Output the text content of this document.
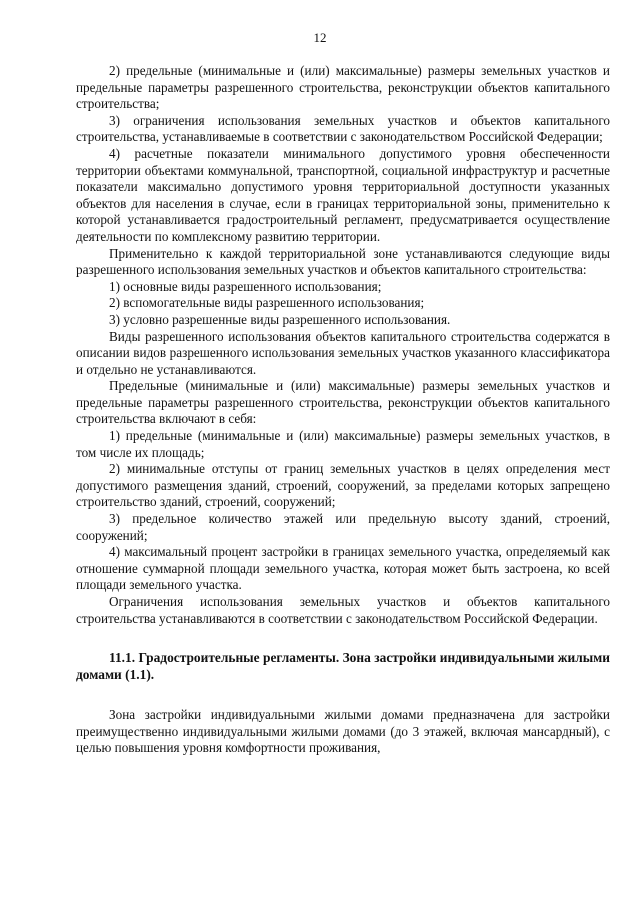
12

2) предельные (минимальные и (или) максимальные) размеры земельных участков и предельные параметры разрешенного строительства, реконструкции объектов капитального строительства;

3) ограничения использования земельных участков и объектов капитального строительства, устанавливаемые в соответствии с законодательством Российской Федерации;

4) расчетные показатели минимального допустимого уровня обеспеченности территории объектами коммунальной, транспортной, социальной инфраструктур и расчетные показатели максимально допустимого уровня территориальной доступности указанных объектов для населения в случае, если в границах территориальной зоны, применительно к которой устанавливается градостроительный регламент, предусматривается осуществление деятельности по комплексному развитию территории.

Применительно к каждой территориальной зоне устанавливаются следующие виды разрешенного использования земельных участков и объектов капитального строительства:

1) основные виды разрешенного использования;

2) вспомогательные виды разрешенного использования;

3) условно разрешенные виды разрешенного использования.

Виды разрешенного использования объектов капитального строительства содержатся в описании видов разрешенного использования земельных участков указанного классификатора и отдельно не устанавливаются.

Предельные (минимальные и (или) максимальные) размеры земельных участков и предельные параметры разрешенного строительства, реконструкции объектов капитального строительства включают в себя:

1) предельные (минимальные и (или) максимальные) размеры земельных участков, в том числе их площадь;

2) минимальные отступы от границ земельных участков в целях определения мест допустимого размещения зданий, строений, сооружений, за пределами которых запрещено строительство зданий, строений, сооружений;

3) предельное количество этажей или предельную высоту зданий, строений, сооружений;

4) максимальный процент застройки в границах земельного участка, определяемый как отношение суммарной площади земельного участка, которая может быть застроена, ко всей площади земельного участка.

Ограничения использования земельных участков и объектов капитального строительства устанавливаются в соответствии с законодательством Российской Федерации.

11.1. Градостроительные регламенты. Зона застройки индивидуальными жилыми домами (1.1).

Зона застройки индивидуальными жилыми домами предназначена для застройки преимущественно индивидуальными жилыми домами (до 3 этажей, включая мансардный), с целью повышения уровня комфортности проживания,
